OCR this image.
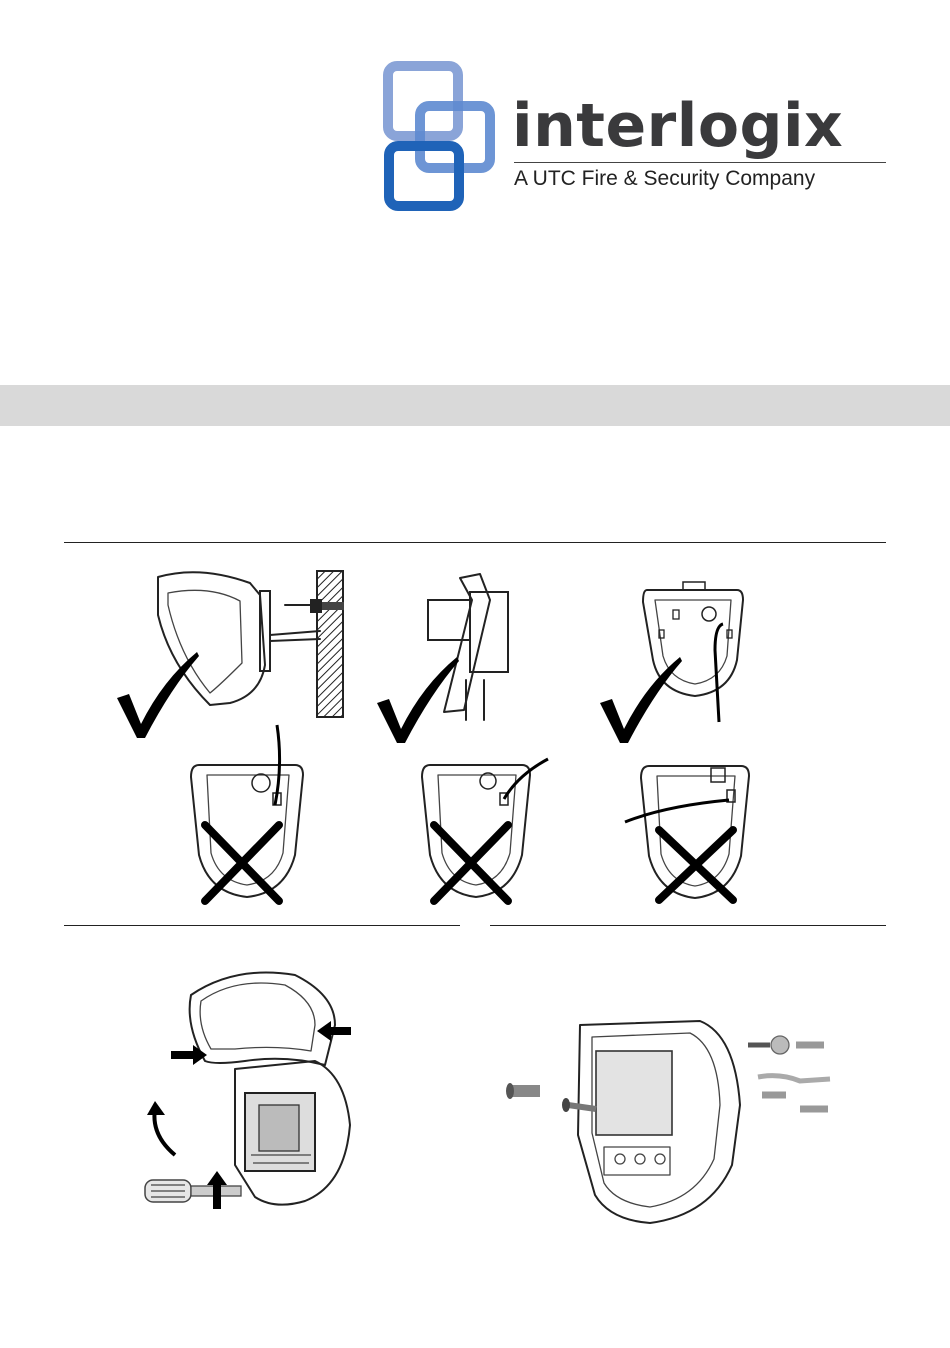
interlogix
A UTC Fire & Security Company
